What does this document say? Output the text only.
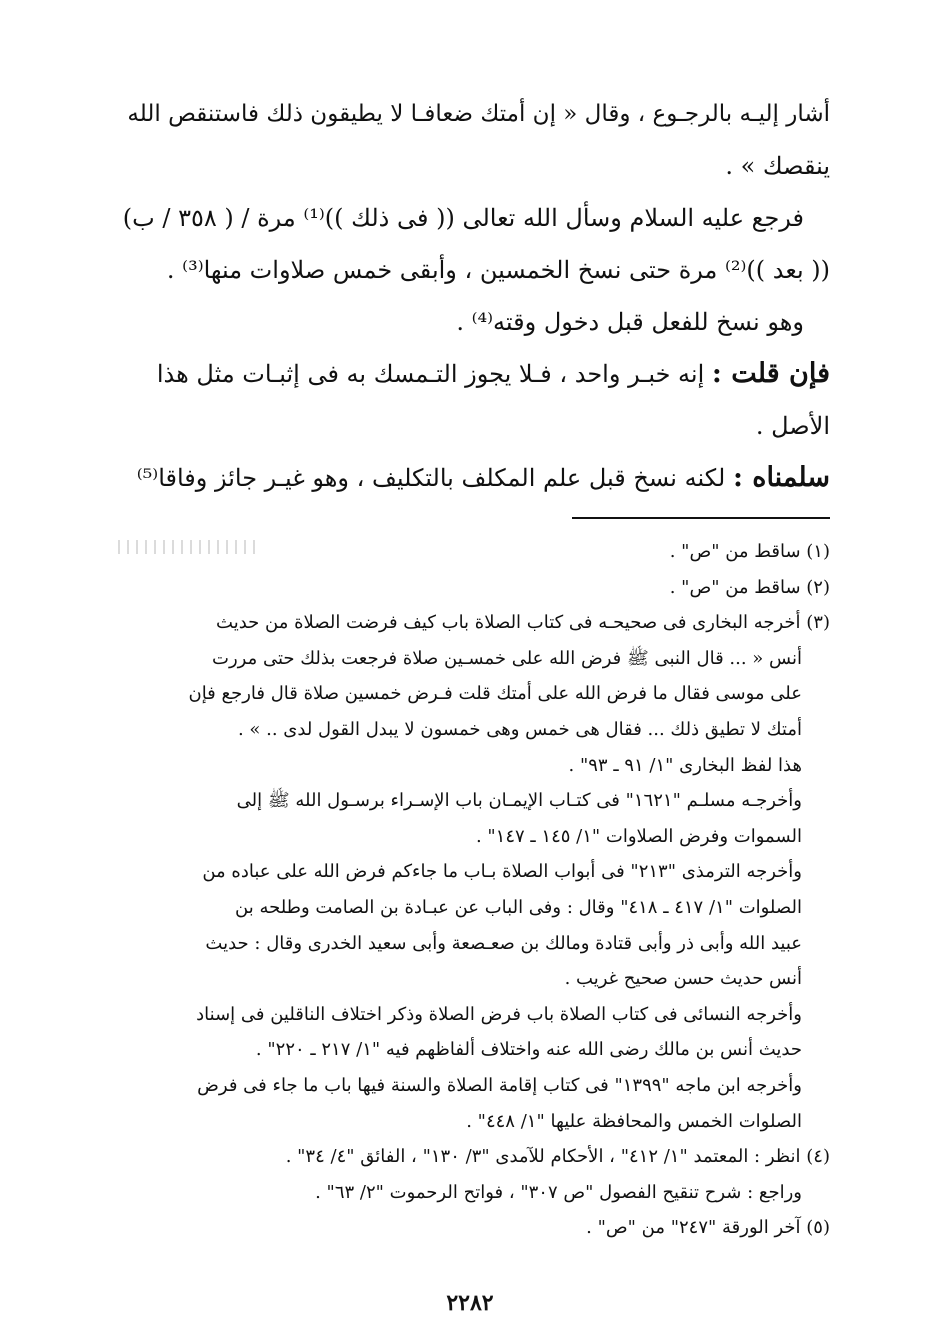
أشار إليـه بالرجـوع ، وقال « إن أمتك ضعافـا لا يطيقون ذلك فاستنقص الله
ينقصك » .
فرجع عليه السلام وسأل الله تعالى (( فى ذلك ))⁽¹⁾ مرة / ( ٣٥٨ / ب)
(( بعد ))⁽²⁾ مرة حتى نسخ الخمسين ، وأبقى خمس صلاوات منها⁽³⁾ .
وهو نسخ للفعل قبل دخول وقته⁽⁴⁾ .
فإن قلت : إنه خبـر واحد ، فـلا يجوز التـمسك به فى إثبـات مثل هذا
الأصل .
سلمناه : لكنه نسخ قبل علم المكلف بالتكليف ، وهو غيـر جائز وفاقا⁽⁵⁾
(١) ساقط من "ص" .
(٢) ساقط من "ص" .
(٣) أخرجه البخارى فى صحيحـه فى كتاب الصلاة باب كيف فرضت الصلاة من حديث
أنس « ... قال النبى ﷺ فرض الله على خمسـين صلاة فرجعت بذلك حتى مررت
على موسى فقال ما فرض الله على أمتك قلت فـرض خمسين صلاة قال فارجع فإن
أمتك لا تطيق ذلك ... فقال هى خمس وهى خمسون لا يبدل القول لدى .. » .
هذا لفظ البخارى "١/ ٩١ ـ ٩٣" .
وأخرجـه مسلـم "١٦٢١" فى كتـاب الإيمـان باب الإسـراء برسـول الله ﷺ إلى
السموات وفرض الصلاوات "١/ ١٤٥ ـ ١٤٧" .
وأخرجه الترمذى "٢١٣" فى أبواب الصلاة بـاب ما جاءكم فرض الله على عباده من
الصلوات "١/ ٤١٧ ـ ٤١٨" وقال : وفى الباب عن عبـادة بن الصامت وطلحه بن
عبيد الله وأبى ذر وأبى قتادة ومالك بن صعـصعة وأبى سعيد الخدرى وقال : حديث
أنس حديث حسن صحيح غريب .
وأخرجه النسائى فى كتاب الصلاة باب فرض الصلاة وذكر اختلاف الناقلين فى إسناد
حديث أنس بن مالك رضى الله عنه واختلاف ألفاظهم فيه "١/ ٢١٧ ـ ٢٢٠" .
وأخرجه ابن ماجه "١٣٩٩" فى كتاب إقامة الصلاة والسنة فيها باب ما جاء فى فرض
الصلوات الخمس والمحافظة عليها "١/ ٤٤٨" .
(٤) انظر : المعتمد "١/ ٤١٢" ، الأحكام للآمدى "٣/ ١٣٠" ، الفائق "٤/ ٣٤" .
وراجع : شرح تنقيح الفصول "ص ٣٠٧" ، فواتح الرحموت "٢/ ٦٣" .
(٥) آخر الورقة "٢٤٧" من "ص" .
٢٢٨٢
